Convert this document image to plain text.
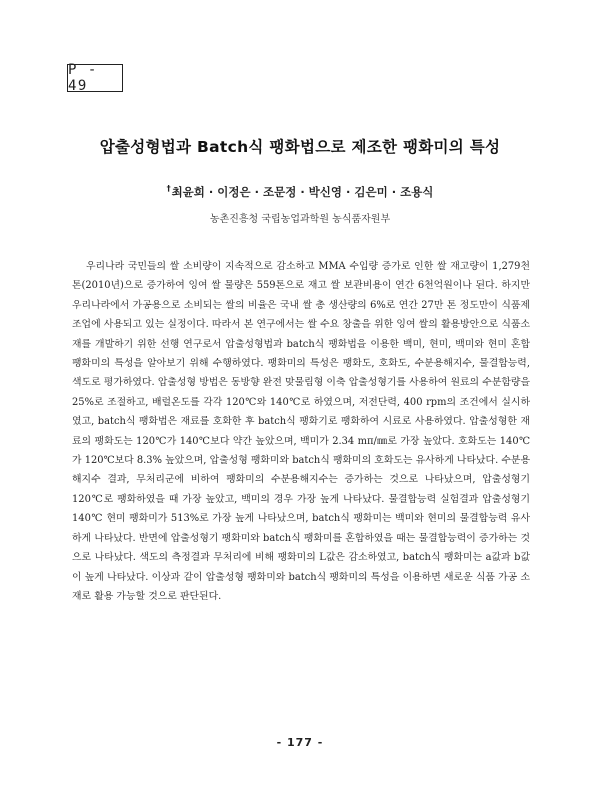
P - 49
압출성형법과 Batch식 팽화법으로 제조한 팽화미의 특성
†최윤희 · 이정은 · 조문정 · 박신영 · 김은미 · 조용식
농촌진흥청 국립농업과학원 농식품자원부

우리나라 국민들의 쌀 소비량이 지속적으로 감소하고 MMA 수입량 증가로 인한 쌀 재고량이 1,279천톤(2010년)으로 증가하여 잉여 쌀 물량은 559톤으로 재고 쌀 보관비용이 연간 6천억원이나 된다. 하지만 우리나라에서 가공용으로 소비되는 쌀의 비율은 국내 쌀 총 생산량의 6%로 연간 27만 톤 정도만이 식품제조업에 사용되고 있는 실정이다. 따라서 본 연구에서는 쌀 수요 창출을 위한 잉여 쌀의 활용방안으로 식품소재를 개발하기 위한 선행 연구로서 압출성형법과 batch식 팽화법을 이용한 백미, 현미, 백미와 현미 혼합 팽화미의 특성을 알아보기 위해 수행하였다. 팽화미의 특성은 팽화도, 호화도, 수분용해지수, 물결합능력, 색도로 평가하였다. 압출성형 방법은 동방향 완전 맞물림형 이축 압출성형기를 사용하여 원료의 수분함량을 25%로 조절하고, 배럴온도를 각각 120℃와 140℃로 하였으며, 저전단력, 400 rpm의 조건에서 실시하였고, batch식 팽화법은 재료를 호화한 후 batch식 팽화기로 팽화하여 시료로 사용하였다. 압출성형한 재료의 팽화도는 120℃가 140℃보다 약간 높았으며, 백미가 2.34 mπ/㎜로 가장 높았다. 호화도는 140℃가 120℃보다 8.3% 높았으며, 압출성형 팽화미와 batch식 팽화미의 호화도는 유사하게 나타났다. 수분용해지수 결과, 무처리군에 비하여 팽화미의 수분용해지수는 증가하는 것으로 나타났으며, 압출성형기 120℃로 팽화하였을 때 가장 높았고, 백미의 경우 가장 높게 나타났다. 물결합능력 실험결과 압출성형기 140℃ 현미 팽화미가 513%로 가장 높게 나타났으며, batch식 팽화미는 백미와 현미의 물결합능력 유사하게 나타났다. 반면에 압출성형기 팽화미와 batch식 팽화미를 혼합하였을 때는 물결합능력이 증가하는 것으로 나타났다. 색도의 측정결과 무처리에 비해 팽화미의 L값은 감소하였고, batch식 팽화미는 a값과 b값이 높게 나타났다. 이상과 같이 압출성형 팽화미와 batch식 팽화미의 특성을 이용하면 새로운 식품 가공 소재로 활용 가능할 것으로 판단된다.

- 177 -
